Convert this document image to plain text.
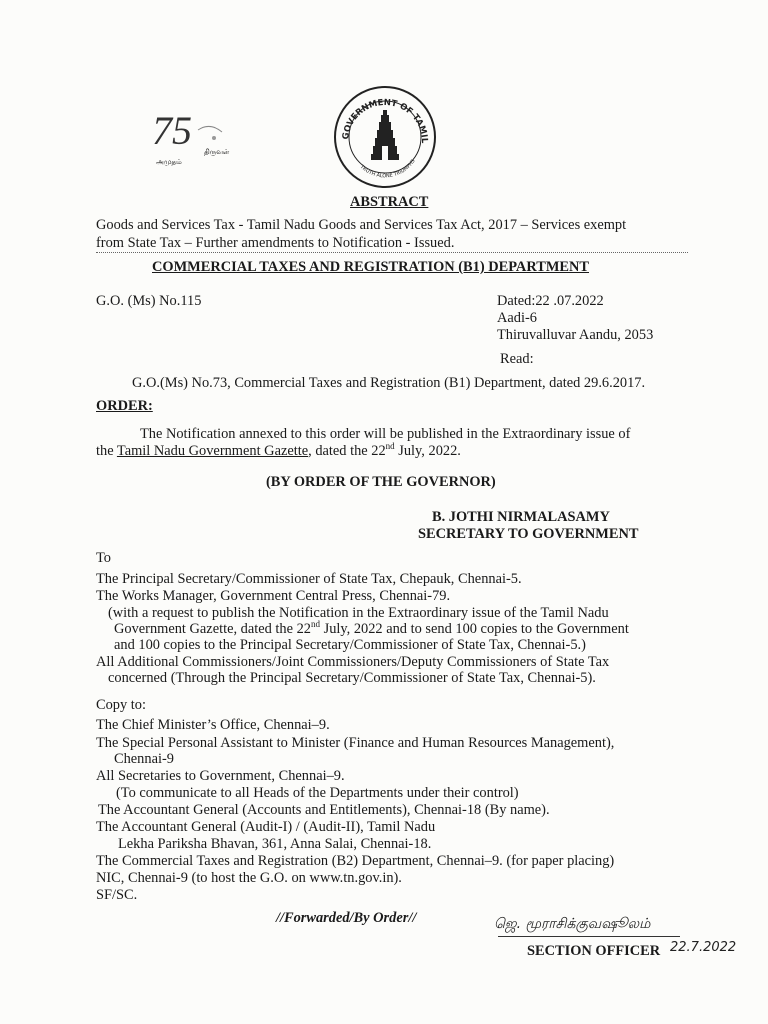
75
அமுதம்
திருவள்
GOVERNMENT OF TAMIL
TRUTH ALONE TRIUMPHS
ABSTRACT
Goods and Services Tax - Tamil Nadu Goods and Services Tax Act, 2017 – Services exempt
from State Tax – Further amendments to Notification - Issued.
COMMERCIAL TAXES AND REGISTRATION (B1) DEPARTMENT
G.O. (Ms) No.115	Dated:22 .07.2022
Aadi-6
Thiruvalluvar Aandu, 2053
Read:
G.O.(Ms) No.73, Commercial Taxes and Registration (B1) Department, dated 29.6.2017.
ORDER:
The Notification annexed to this order will be published in the Extraordinary issue of
the Tamil Nadu Government Gazette, dated the 22nd July, 2022.
(BY ORDER OF THE GOVERNOR)
B. JOTHI NIRMALASAMY
SECRETARY TO GOVERNMENT
To
The Principal Secretary/Commissioner of State Tax, Chepauk, Chennai-5.
The Works Manager, Government Central Press, Chennai-79.
(with a request to publish the Notification in the Extraordinary issue of the Tamil Nadu
Government Gazette, dated the 22nd July, 2022 and to send 100 copies to the Government
and 100 copies to the Principal Secretary/Commissioner of State Tax, Chennai-5.)
All Additional Commissioners/Joint Commissioners/Deputy Commissioners of State Tax
concerned (Through the Principal Secretary/Commissioner of State Tax, Chennai-5).
Copy to:
The Chief Minister’s Office, Chennai–9.
The Special Personal Assistant to Minister (Finance and Human Resources Management),
Chennai-9
All Secretaries to Government, Chennai–9.
(To communicate to all Heads of the Departments under their control)
The Accountant General (Accounts and Entitlements), Chennai-18 (By name).
The Accountant General (Audit-I) / (Audit-II), Tamil Nadu
Lekha Pariksha Bhavan, 361, Anna Salai, Chennai-18.
The Commercial Taxes and Registration (B2) Department, Chennai–9. (for paper placing)
NIC, Chennai-9 (to host the G.O. on www.tn.gov.in).
SF/SC.
//Forwarded/By Order//	ஜெ. மூராசிக்குவஷூலம்
SECTION OFFICER 22.7.2022
